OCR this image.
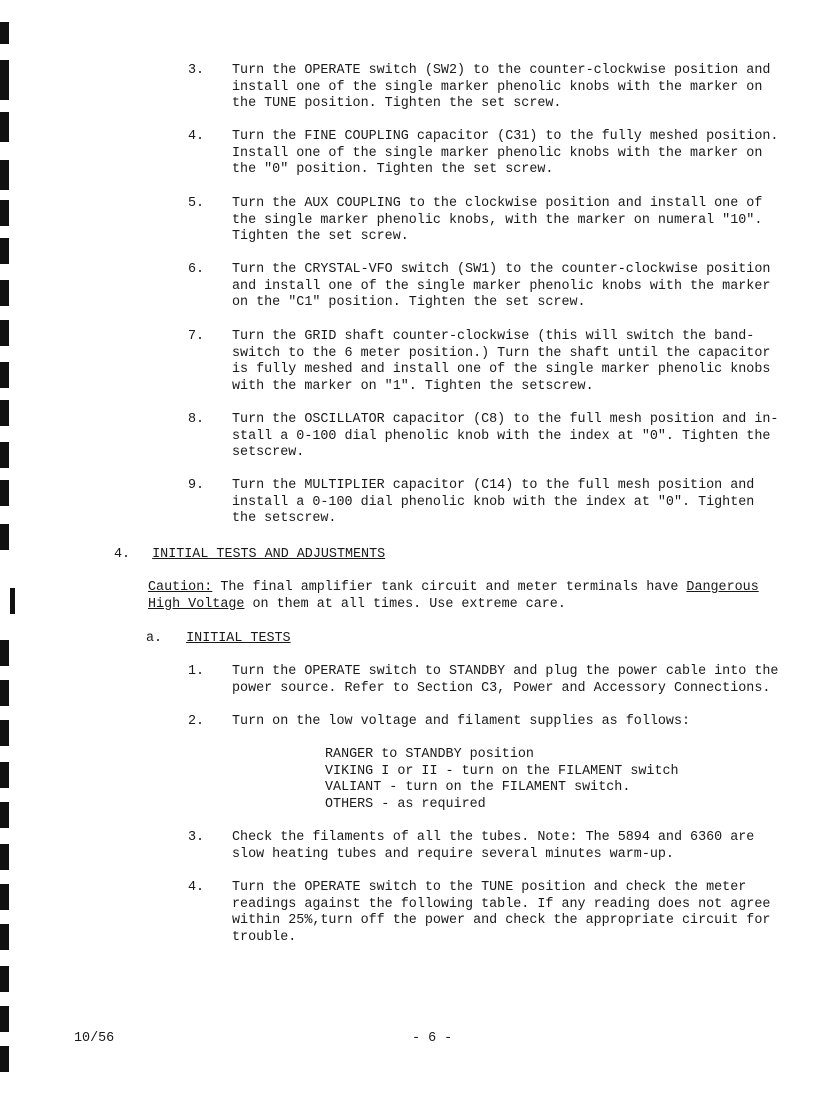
3. Turn the OPERATE switch (SW2) to the counter-clockwise position and
install one of the single marker phenolic knobs with the marker on
the TUNE position. Tighten the set screw.
4. Turn the FINE COUPLING capacitor (C31) to the fully meshed position.
Install one of the single marker phenolic knobs with the marker on
the "0" position. Tighten the set screw.
5. Turn the AUX COUPLING to the clockwise position and install one of
the single marker phenolic knobs, with the marker on numeral "10".
Tighten the set screw.
6. Turn the CRYSTAL-VFO switch (SW1) to the counter-clockwise position
and install one of the single marker phenolic knobs with the marker
on the "C1" position. Tighten the set screw.
7. Turn the GRID shaft counter-clockwise (this will switch the band-
switch to the 6 meter position.) Turn the shaft until the capacitor
is fully meshed and install one of the single marker phenolic knobs
with the marker on "1". Tighten the setscrew.
8. Turn the OSCILLATOR capacitor (C8) to the full mesh position and in-
stall a 0-100 dial phenolic knob with the index at "0". Tighten the
setscrew.
9. Turn the MULTIPLIER capacitor (C14) to the full mesh position and
install a 0-100 dial phenolic knob with the index at "0". Tighten
the setscrew.
4. INITIAL TESTS AND ADJUSTMENTS
Caution: The final amplifier tank circuit and meter terminals have Dangerous
High Voltage on them at all times. Use extreme care.
a. INITIAL TESTS
1. Turn the OPERATE switch to STANDBY and plug the power cable into the
power source. Refer to Section C3, Power and Accessory Connections.
2. Turn on the low voltage and filament supplies as follows:
RANGER to STANDBY position
VIKING I or II - turn on the FILAMENT switch
VALIANT - turn on the FILAMENT switch.
OTHERS - as required
3. Check the filaments of all the tubes. Note: The 5894 and 6360 are
slow heating tubes and require several minutes warm-up.
4. Turn the OPERATE switch to the TUNE position and check the meter
readings against the following table. If any reading does not agree
within 25%,turn off the power and check the appropriate circuit for
trouble.
10/56	- 6 -
